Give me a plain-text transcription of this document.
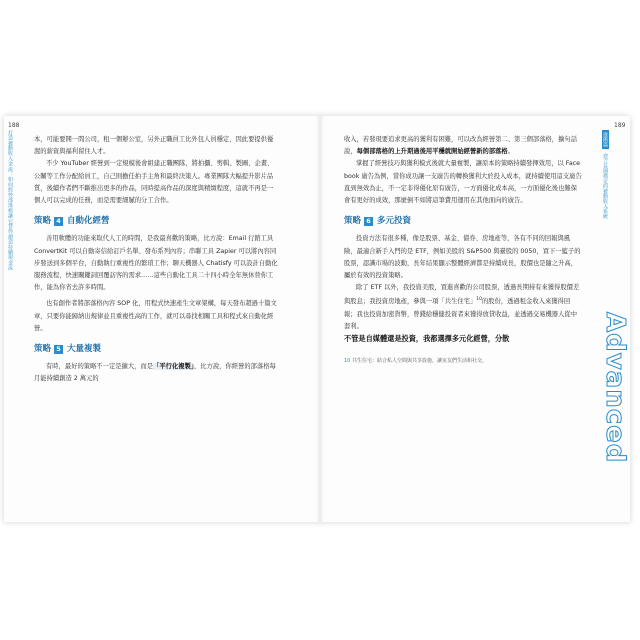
188
打造被動收入金流：如何經營部落格讓它替你創造持續現金流	本，可能要開一間公司，租一個辦公室，另外正職員工比外包人員穩定，因此要提供優渥的薪資與福利留住人才。

不少 YouTuber 經營到一定規模後會組建正職團隊，將拍攝、剪輯、製圖、企畫、公關等工作分配給員工，自己則擔任拍手主角和最終決策人。專業團隊大幅提升影片品質，後續作者們不斷推出更多的作品，同時提高作品的深度與精緻程度，這就不再是一個人可以完成的任務，而是需要細膩的分工合作。

策略 4 自動化經營

善用軟體的功能來取代人工的時間，是我最喜歡的策略，比方說：Email 行銷工具 ConvertKit 可以自動寄信給訂戶名單、發布系列內容；串聯工具 Zapier 可以將內容同步發送到多個平台，自動執行重複性的繁瑣工作；聊天機器人 Chatisfy 可以設計自動化服務流程，快速關鍵詞回覆訪客的需求……這些自動化工具二十四小時全年無休替你工作，能為你省去許多時間。

也有創作者將部落格內容 SOP 化，用程式快速產生文章架構，每天發布超過十篇文章，只要你能歸納出規律並且重複性高的工作，就可以尋找相關工具和程式來自動化經營。

策略 5 大量複製

有時，最好的策略不一定是擴大，而是「平行化複製」，比方說，你經營的部落格每月能持續創造 2 萬元的

189
進階篇 建立長期穩定的被動收入系統
Advanced

收入，若發現要追求更高的獲利有困難，可以改為經營第二、第三個部落格，擴句話說，每個部落格的上升期過後用平穩就開始經營新的部落格。

掌握了經營技巧與獲利模式後就大量複製，讓原本的策略持續發揮效用，以 Facebook 廣告為例，當你成功讓一支廣告的轉換獲利大於投入成本，就持續使用這支廣告直到無效為止，不一定非得優化原有廣告，一方面優化成本高，一方面優化後也難保會有更好的成效，那麼倒不如將這筆費用運用在其他面向的廣告。

策略 6 多元投資

投資方法有很多種，像是股票、基金、債券、房地產等，各有不同的回報與風險，最適合新手入門的是 ETF，例如美股的 S&P500 與臺股的 0050，買下一籃子的股票，認識市場的波動，長年結果顯示整體經濟都是持續成長，股價也是隨之升高，屬於有效的投資策略。

除了 ETF 以外，我投資美股，買進喜歡的公司股票，透過長期持有來獲得股價差與股息；我投資房地產，參與一項「共生住宅」$^{10}$的股份，透過租金收入來獲得回報；我也投資加密貨幣，曾錢給穩健投資者來獲得放貸收益，並透過交易機器人從中套利。

不管是自媒體還是投資，我都選擇多元化經營，分散

10 共生住宅：結合私人空間與共享設施，讓室友們生活和社交。
